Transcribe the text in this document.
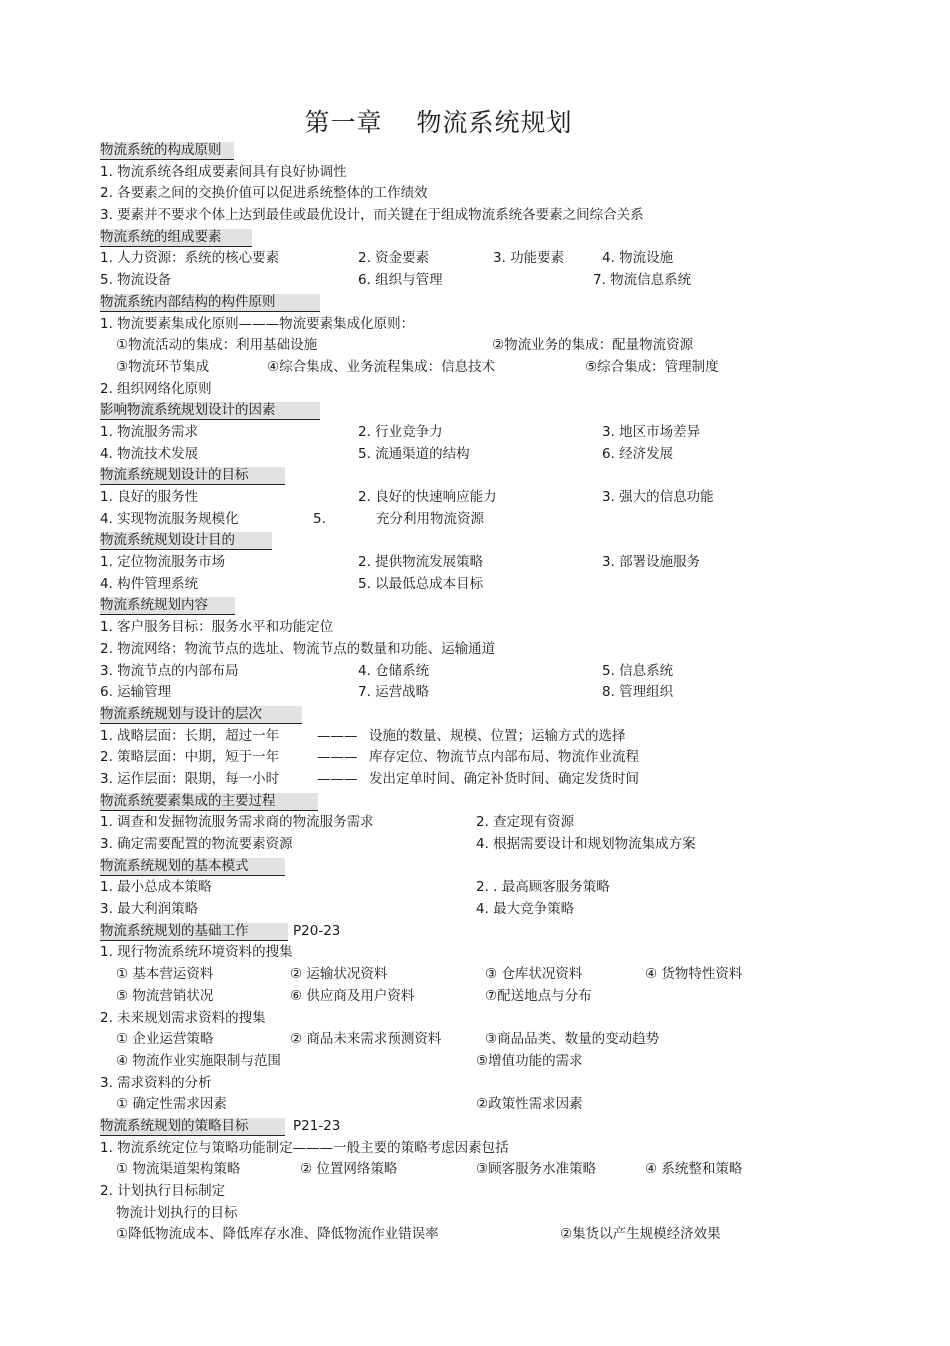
第一章 物流系统规划
物流系统的构成原则
1. 物流系统各组成要素间具有良好协调性
2. 各要素之间的交换价值可以促进系统整体的工作绩效
3. 要素并不要求个体上达到最佳或最优设计，而关键在于组成物流系统各要素之间综合关系
物流系统的组成要素
1. 人力资源：系统的核心要素	2. 资金要素	3. 功能要素	4. 物流设施
5. 物流设备	6. 组织与管理	7. 物流信息系统
物流系统内部结构的构件原则
1. 物流要素集成化原则———物流要素集成化原则：
①物流活动的集成：利用基础设施	②物流业务的集成：配量物流资源
③物流环节集成	④综合集成、业务流程集成：信息技术	⑤综合集成：管理制度
2. 组织网络化原则
影响物流系统规划设计的因素
1. 物流服务需求	2. 行业竞争力	3. 地区市场差异
4. 物流技术发展	5. 流通渠道的结构	6. 经济发展
物流系统规划设计的目标
1. 良好的服务性	2. 良好的快速响应能力	3. 强大的信息功能
4. 实现物流服务规模化	5.	充分利用物流资源
物流系统规划设计目的
1. 定位物流服务市场	2. 提供物流发展策略	3. 部署设施服务
4. 构件管理系统	5. 以最低总成本目标
物流系统规划内容
1. 客户服务目标：服务水平和功能定位
2. 物流网络：物流节点的选址、物流节点的数量和功能、运输通道
3. 物流节点的内部布局	4. 仓储系统	5. 信息系统
6. 运输管理	7. 运营战略	8. 管理组织
物流系统规划与设计的层次
1. 战略层面：长期，超过一年	——— 设施的数量、规模、位置；运输方式的选择
2. 策略层面：中期，短于一年	——— 库存定位、物流节点内部布局、物流作业流程
3. 运作层面：限期，每一小时	——— 发出定单时间、确定补货时间、确定发货时间
物流系统要素集成的主要过程
1. 调查和发掘物流服务需求商的物流服务需求	2. 查定现有资源
3. 确定需要配置的物流要素资源	4. 根据需要设计和规划物流集成方案
物流系统规划的基本模式
1. 最小总成本策略	2. . 最高顾客服务策略
3. 最大利润策略	4. 最大竞争策略
物流系统规划的基础工作	P20-23
1. 现行物流系统环境资料的搜集
① 基本营运资料	② 运输状况资料	③ 仓库状况资料	④ 货物特性资料
⑤ 物流营销状况	⑥ 供应商及用户资料	⑦配送地点与分布
2. 未来规划需求资料的搜集
① 企业运营策略	② 商品未来需求预测资料	③商品品类、数量的变动趋势
④ 物流作业实施限制与范围	⑤增值功能的需求
3. 需求资料的分析
① 确定性需求因素	②政策性需求因素
物流系统规划的策略目标	P21-23
1. 物流系统定位与策略功能制定———一般主要的策略考虑因素包括
① 物流渠道架构策略	② 位置网络策略	③顾客服务水准策略	④ 系统整和策略
2. 计划执行目标制定
物流计划执行的目标
①降低物流成本、降低库存水准、降低物流作业错误率	②集货以产生规模经济效果
